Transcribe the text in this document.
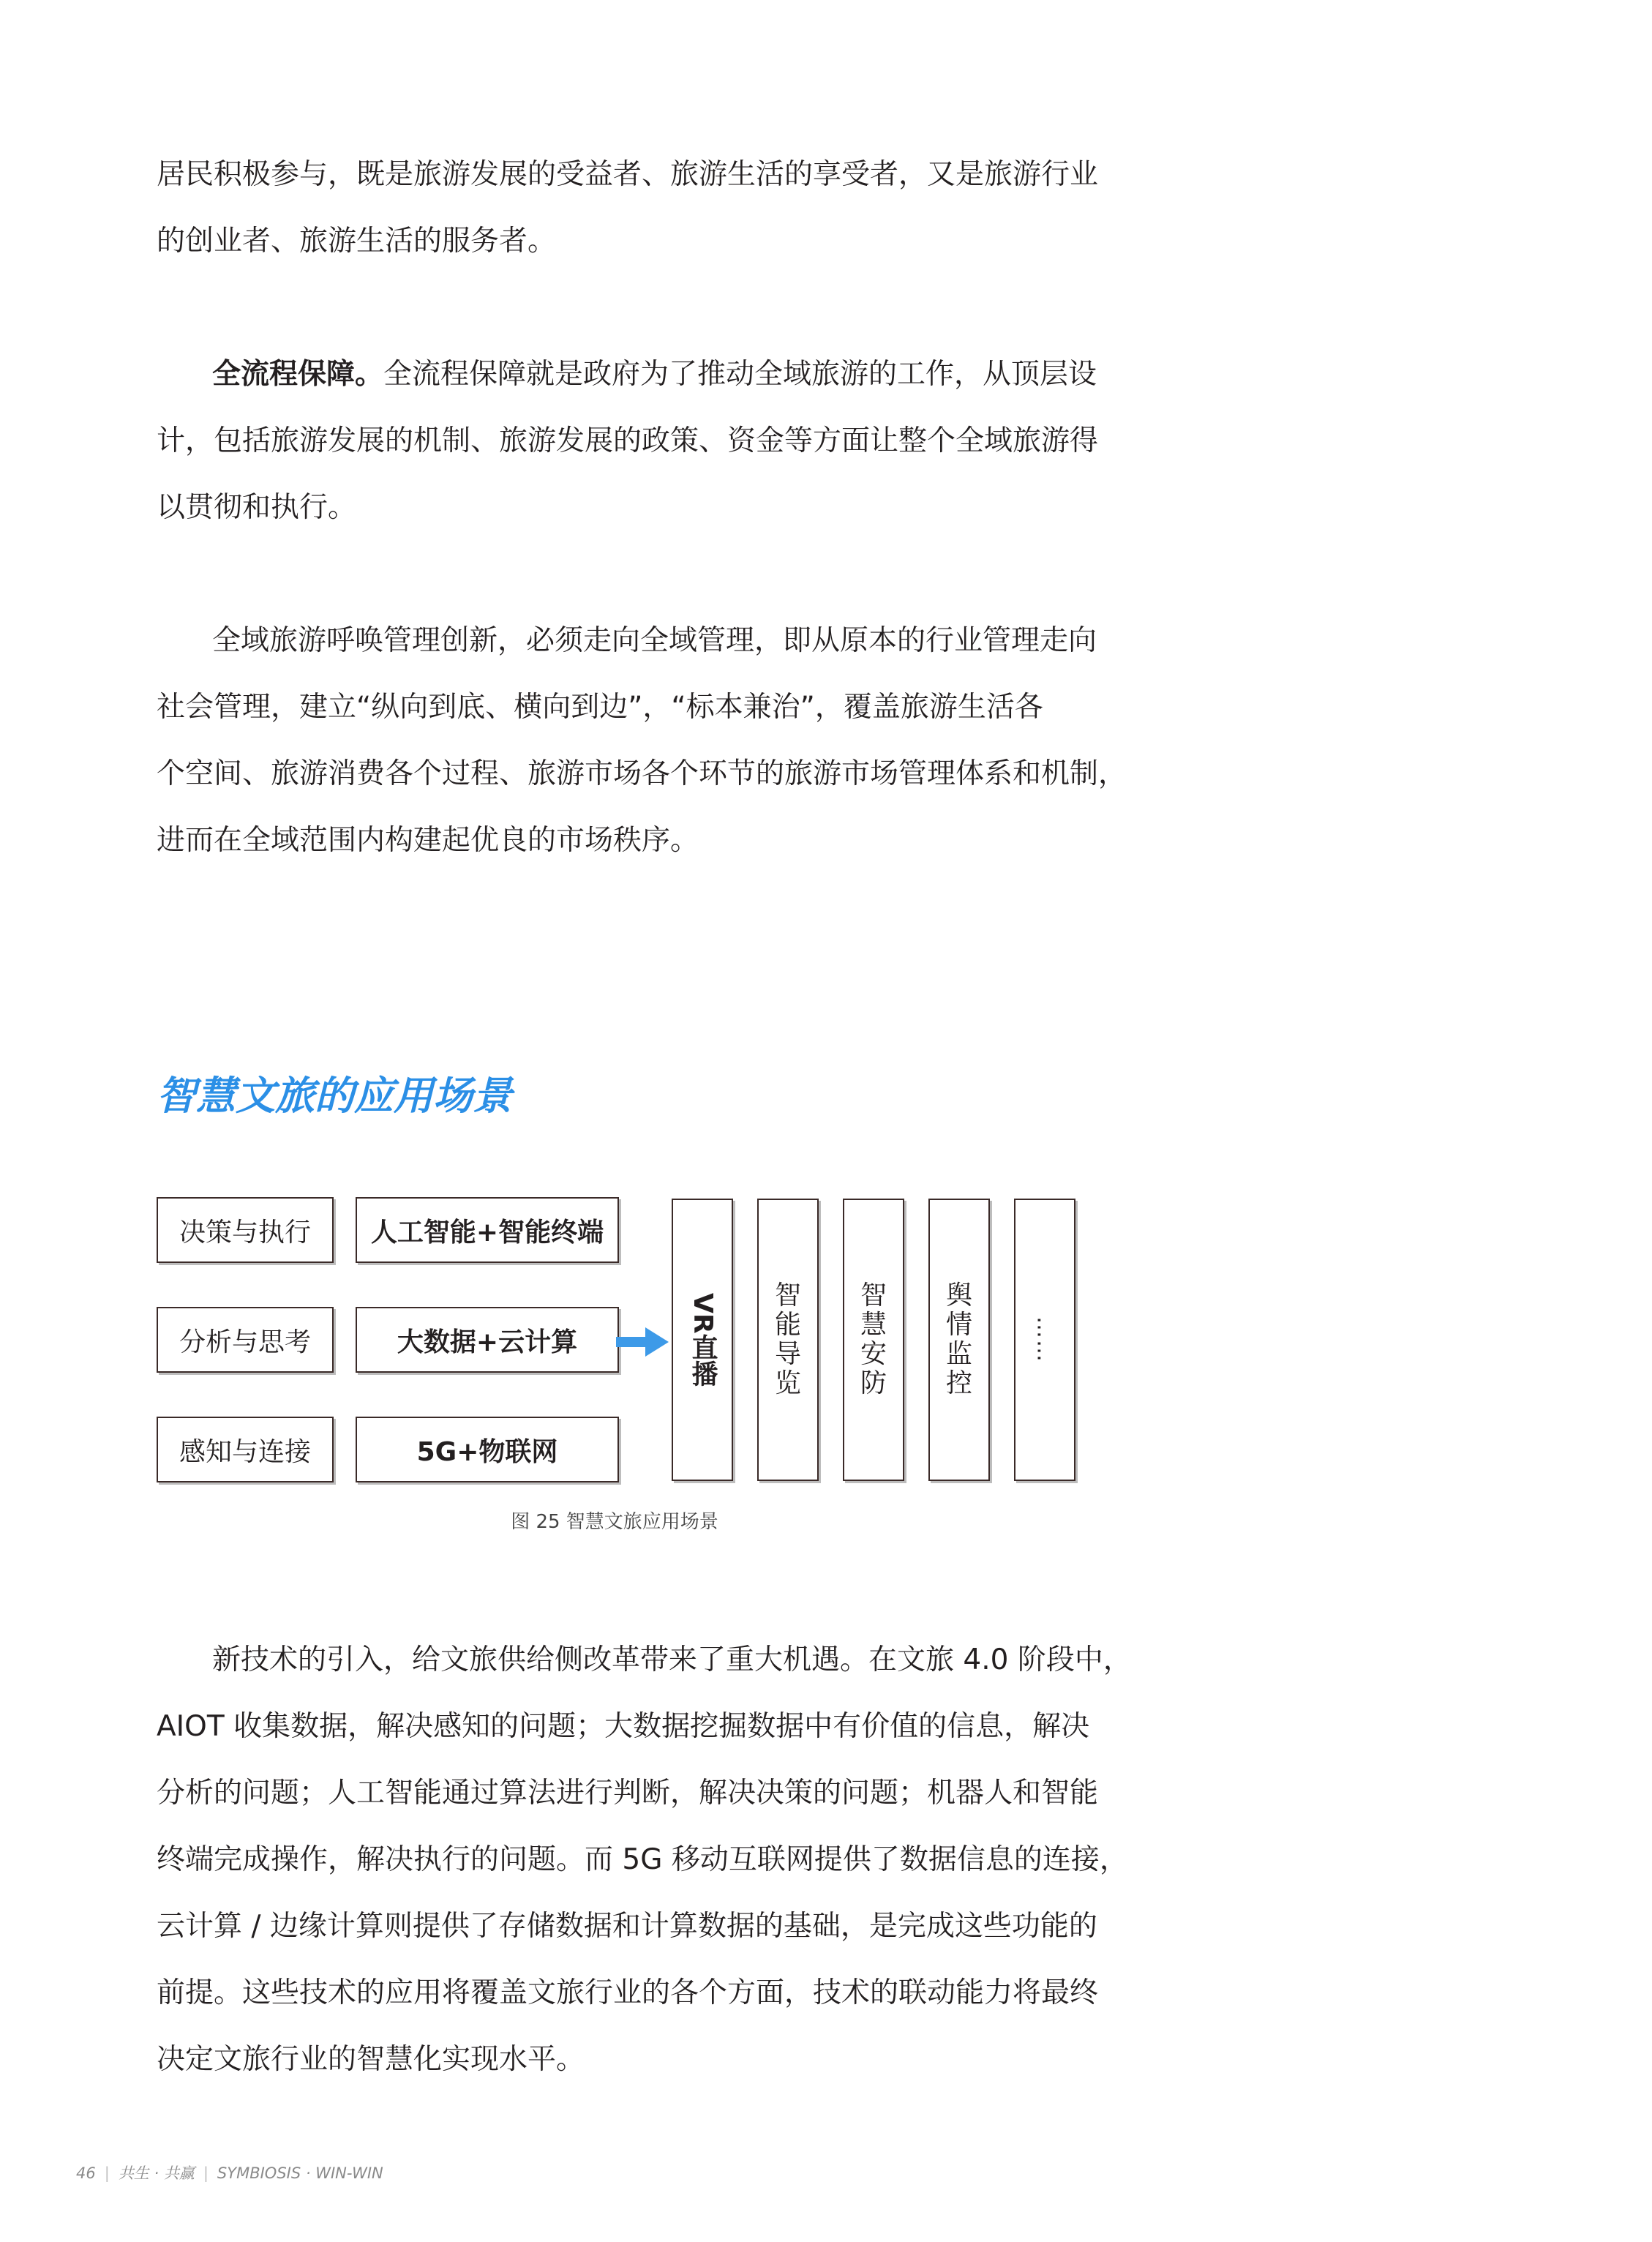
居民积极参与，既是旅游发展的受益者、旅游生活的享受者，又是旅游行业
的创业者、旅游生活的服务者。
全流程保障。全流程保障就是政府为了推动全域旅游的工作，从顶层设
计，包括旅游发展的机制、旅游发展的政策、资金等方面让整个全域旅游得
以贯彻和执行。
全域旅游呼唤管理创新，必须走向全域管理，即从原本的行业管理走向
社会管理，建立“纵向到底、横向到边”，“标本兼治”，覆盖旅游生活各
个空间、旅游消费各个过程、旅游市场各个环节的旅游市场管理体系和机制，
进而在全域范围内构建起优良的市场秩序。
智慧文旅的应用场景
决策与执行
分析与思考
感知与连接
人工智能+智能终端
大数据+云计算
5G+物联网
VR直播 智能导览
智慧安防
舆情监控
……
图 25 智慧文旅应用场景
新技术的引入，给文旅供给侧改革带来了重大机遇。在文旅 4.0 阶段中，
AIOT 收集数据，解决感知的问题；大数据挖掘数据中有价值的信息，解决
分析的问题；人工智能通过算法进行判断，解决决策的问题；机器人和智能
终端完成操作，解决执行的问题。而 5G 移动互联网提供了数据信息的连接，
云计算 / 边缘计算则提供了存储数据和计算数据的基础，是完成这些功能的
前提。这些技术的应用将覆盖文旅行业的各个方面，技术的联动能力将最终
决定文旅行业的智慧化实现水平。
46 | 共生 · 共赢 | SYMBIOSIS · WIN-WIN
